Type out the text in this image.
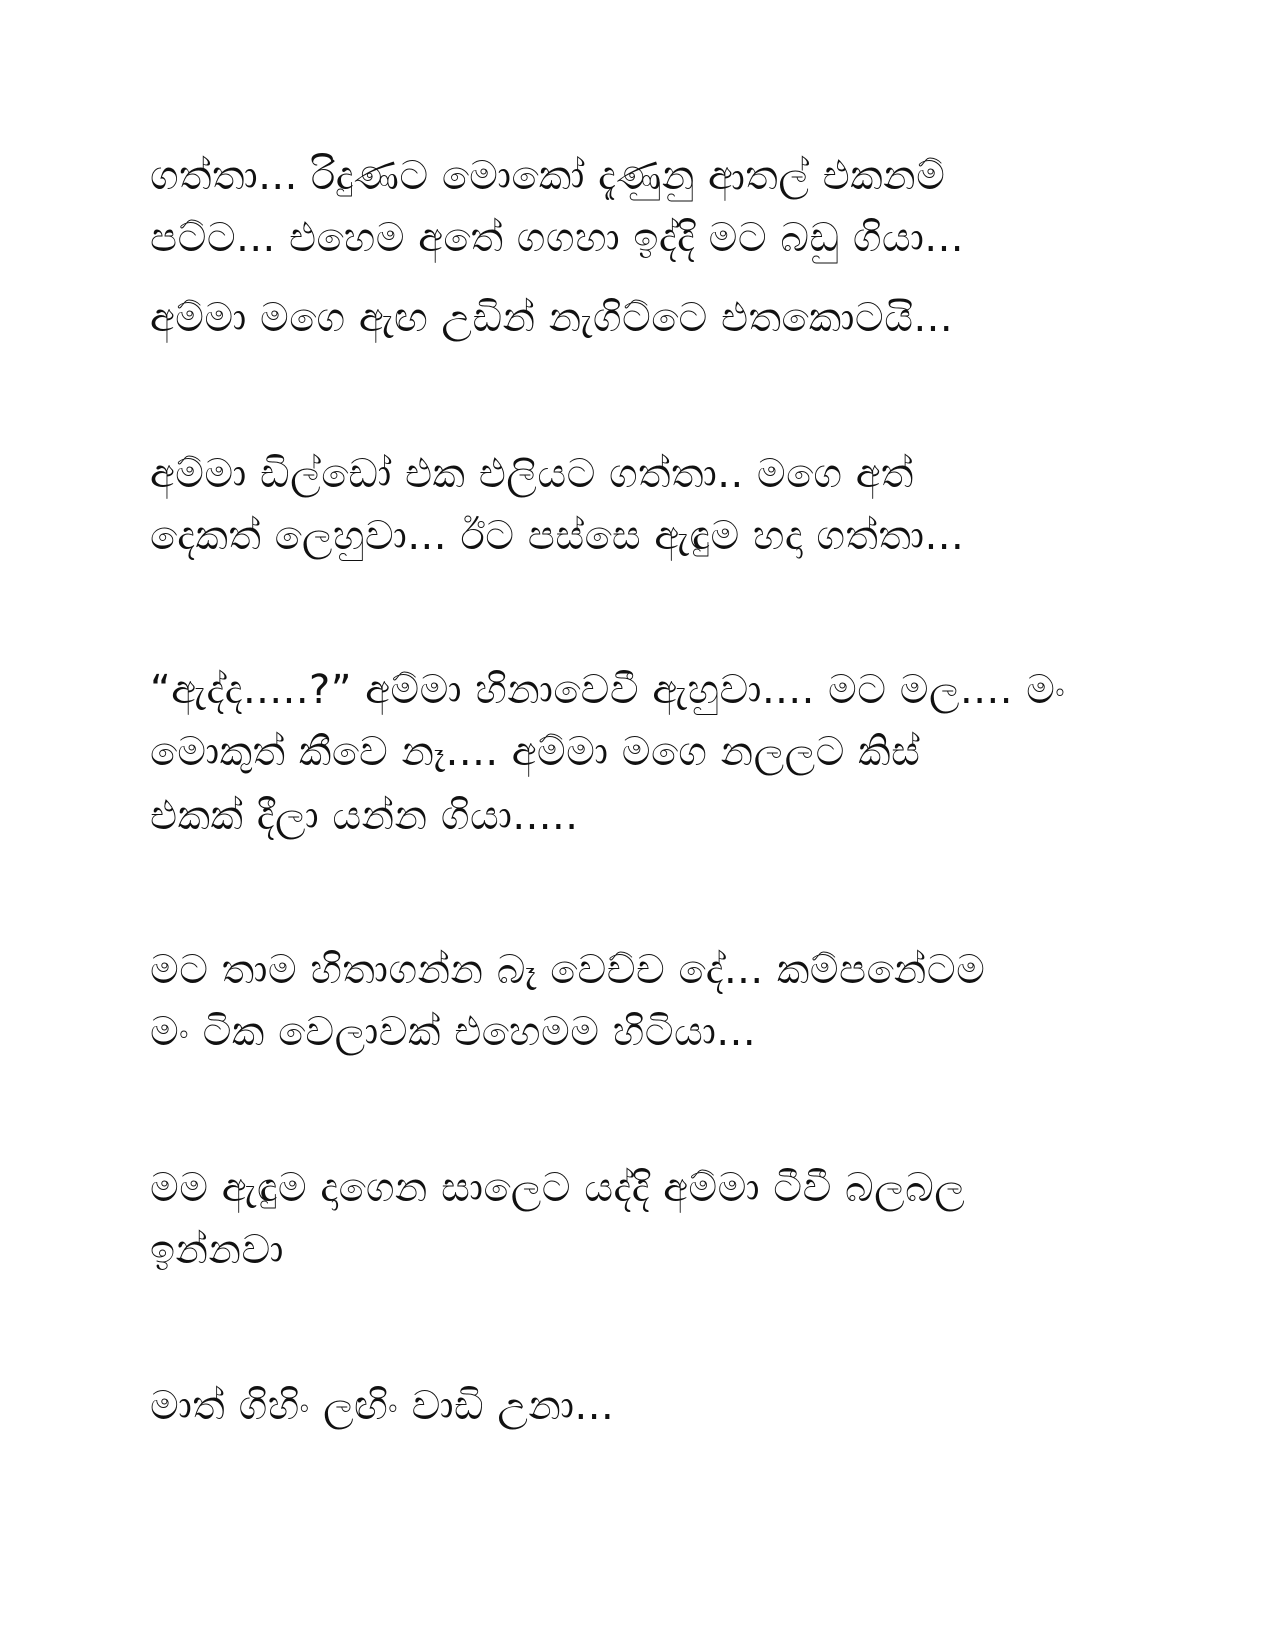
ගත්තා... රිදුණට මොකෝ දැණුනු ආතල් එකනම්
පට්ට... එහෙම අතේ ගගහා ඉද්දි මට බඩු ගියා...
අම්මා මගෙ ඇඟ උඩින් නැගිට්ටෙ එතකොටයි...
අම්මා ඩිල්ඩෝ එක එලියට ගත්තා.. මගෙ අත්
දෙකත් ලෙහුවා... ඊට පස්සෙ ඇඳුම හදා ගත්තා...
“ඇද්ද.....?” අම්මා හිනාවෙවී ඇහුවා.... මට මල.... මං
මොකුත් කීවෙ නෑ.... අම්මා මගෙ නලලට කිස්
එකක් දීලා යන්න ගියා.....
මට තාම හිතාගන්න බෑ වෙච්ච දේ... කම්පනේටම
මං ටික වෙලාවක් එහෙමම හිටියා...
මම ඇඳුම දාගෙන සාලෙට යද්දි අම්මා ටීවී බලබල
ඉන්නවා
මාත් ගිහිං ලඟිං වාඩි උනා...
